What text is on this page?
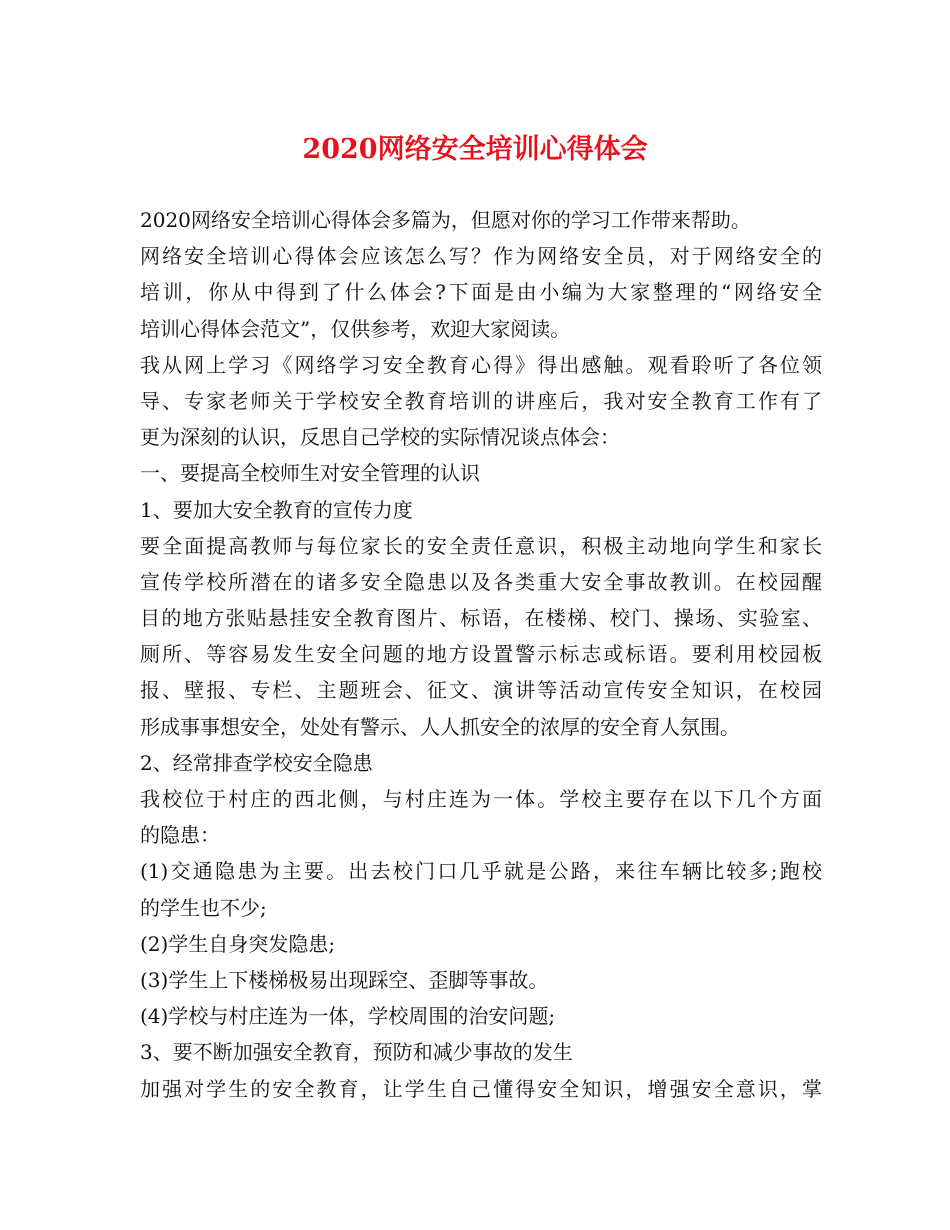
2020网络安全培训心得体会
2020网络安全培训心得体会多篇为，但愿对你的学习工作带来帮助。
网络安全培训心得体会应该怎么写？作为网络安全员，对于网络安全的
培训，你从中得到了什么体会?下面是由小编为大家整理的“网络安全
培训心得体会范文”，仅供参考，欢迎大家阅读。
我从网上学习《网络学习安全教育心得》得出感触。观看聆听了各位领
导、专家老师关于学校安全教育培训的讲座后，我对安全教育工作有了
更为深刻的认识，反思自己学校的实际情况谈点体会：
一、要提高全校师生对安全管理的认识
1、要加大安全教育的宣传力度
要全面提高教师与每位家长的安全责任意识，积极主动地向学生和家长
宣传学校所潜在的诸多安全隐患以及各类重大安全事故教训。在校园醒
目的地方张贴悬挂安全教育图片、标语，在楼梯、校门、操场、实验室、
厕所、等容易发生安全问题的地方设置警示标志或标语。要利用校园板
报、壁报、专栏、主题班会、征文、演讲等活动宣传安全知识，在校园
形成事事想安全，处处有警示、人人抓安全的浓厚的安全育人氛围。
2、经常排查学校安全隐患
我校位于村庄的西北侧，与村庄连为一体。学校主要存在以下几个方面
的隐患：
(1)交通隐患为主要。出去校门口几乎就是公路，来往车辆比较多;跑校
的学生也不少;
(2)学生自身突发隐患;
(3)学生上下楼梯极易出现踩空、歪脚等事故。
(4)学校与村庄连为一体，学校周围的治安问题;
3、要不断加强安全教育，预防和减少事故的发生
加强对学生的安全教育，让学生自己懂得安全知识，增强安全意识，掌
